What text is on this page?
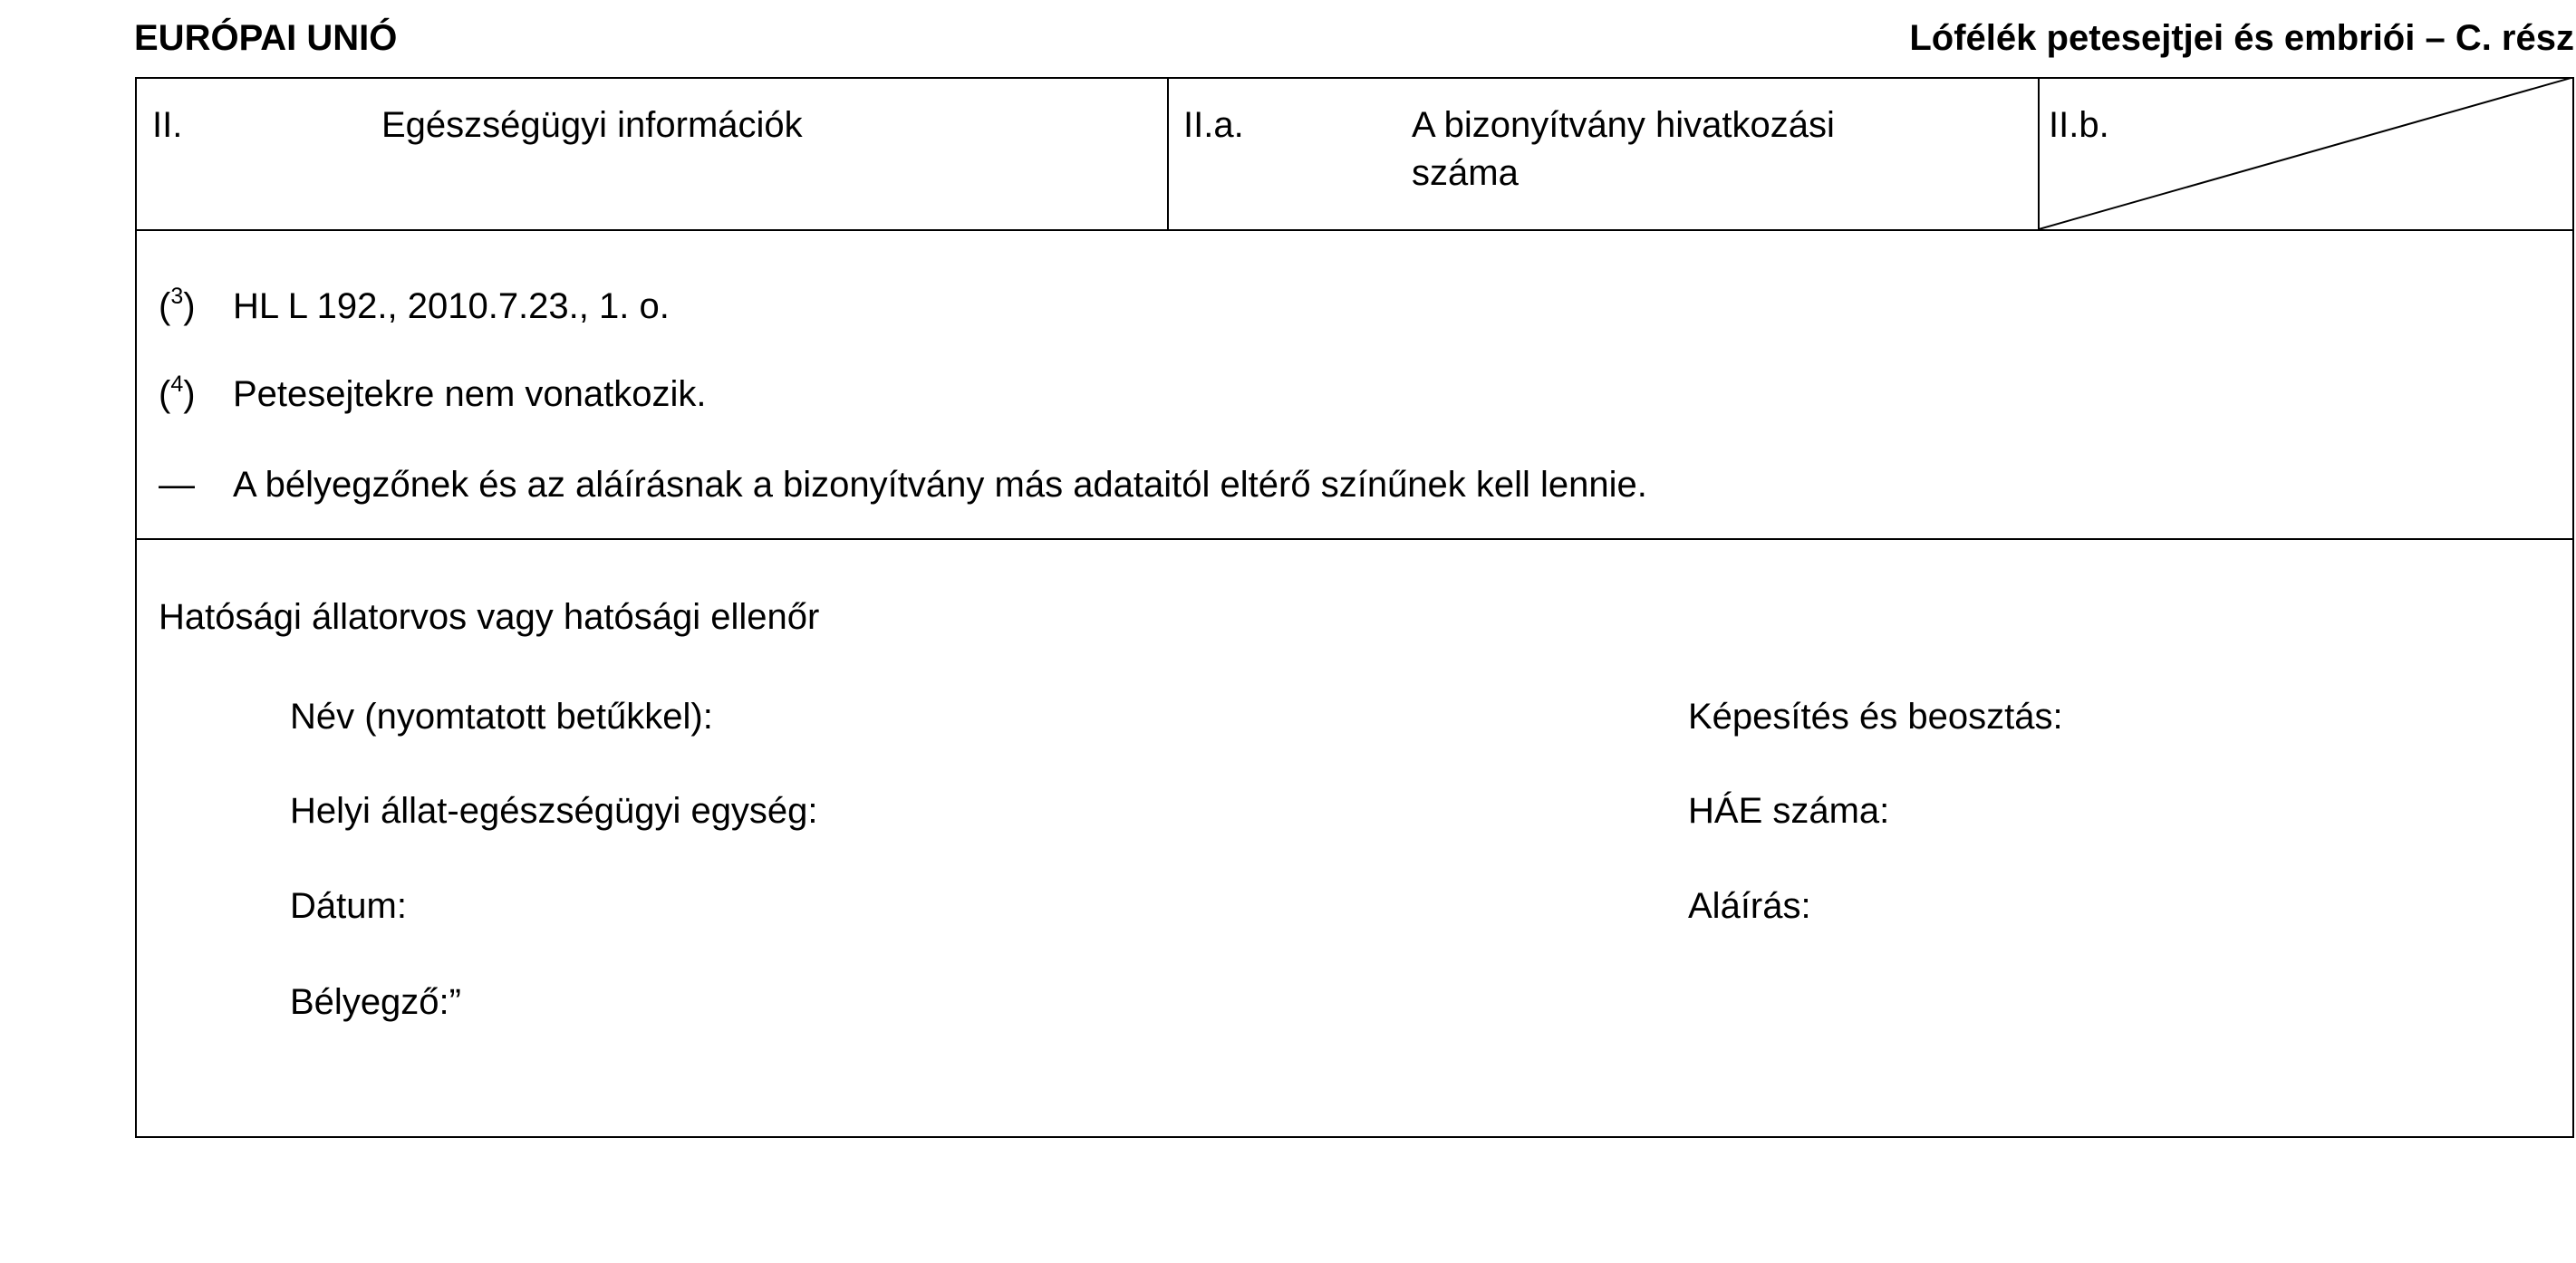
EURÓPAI UNIÓ	Lófélék petesejtjei és embriói – C. rész
II.	Egészségügyi információk	II.a.	A bizonyítvány hivatkozási
száma
II.b.
($^3$) HL L 192., 2010.7.23., 1. o.
($^4$) Petesejtekre nem vonatkozik.
— A bélyegzőnek és az aláírásnak a bizonyítvány más adataitól eltérő színűnek kell lennie.
Hatósági állatorvos vagy hatósági ellenőr
Név (nyomtatott betűkkel):	Képesítés és beosztás:
Helyi állat-egészségügyi egység:	HÁE száma:
Dátum:	Aláírás:
Bélyegző:”
